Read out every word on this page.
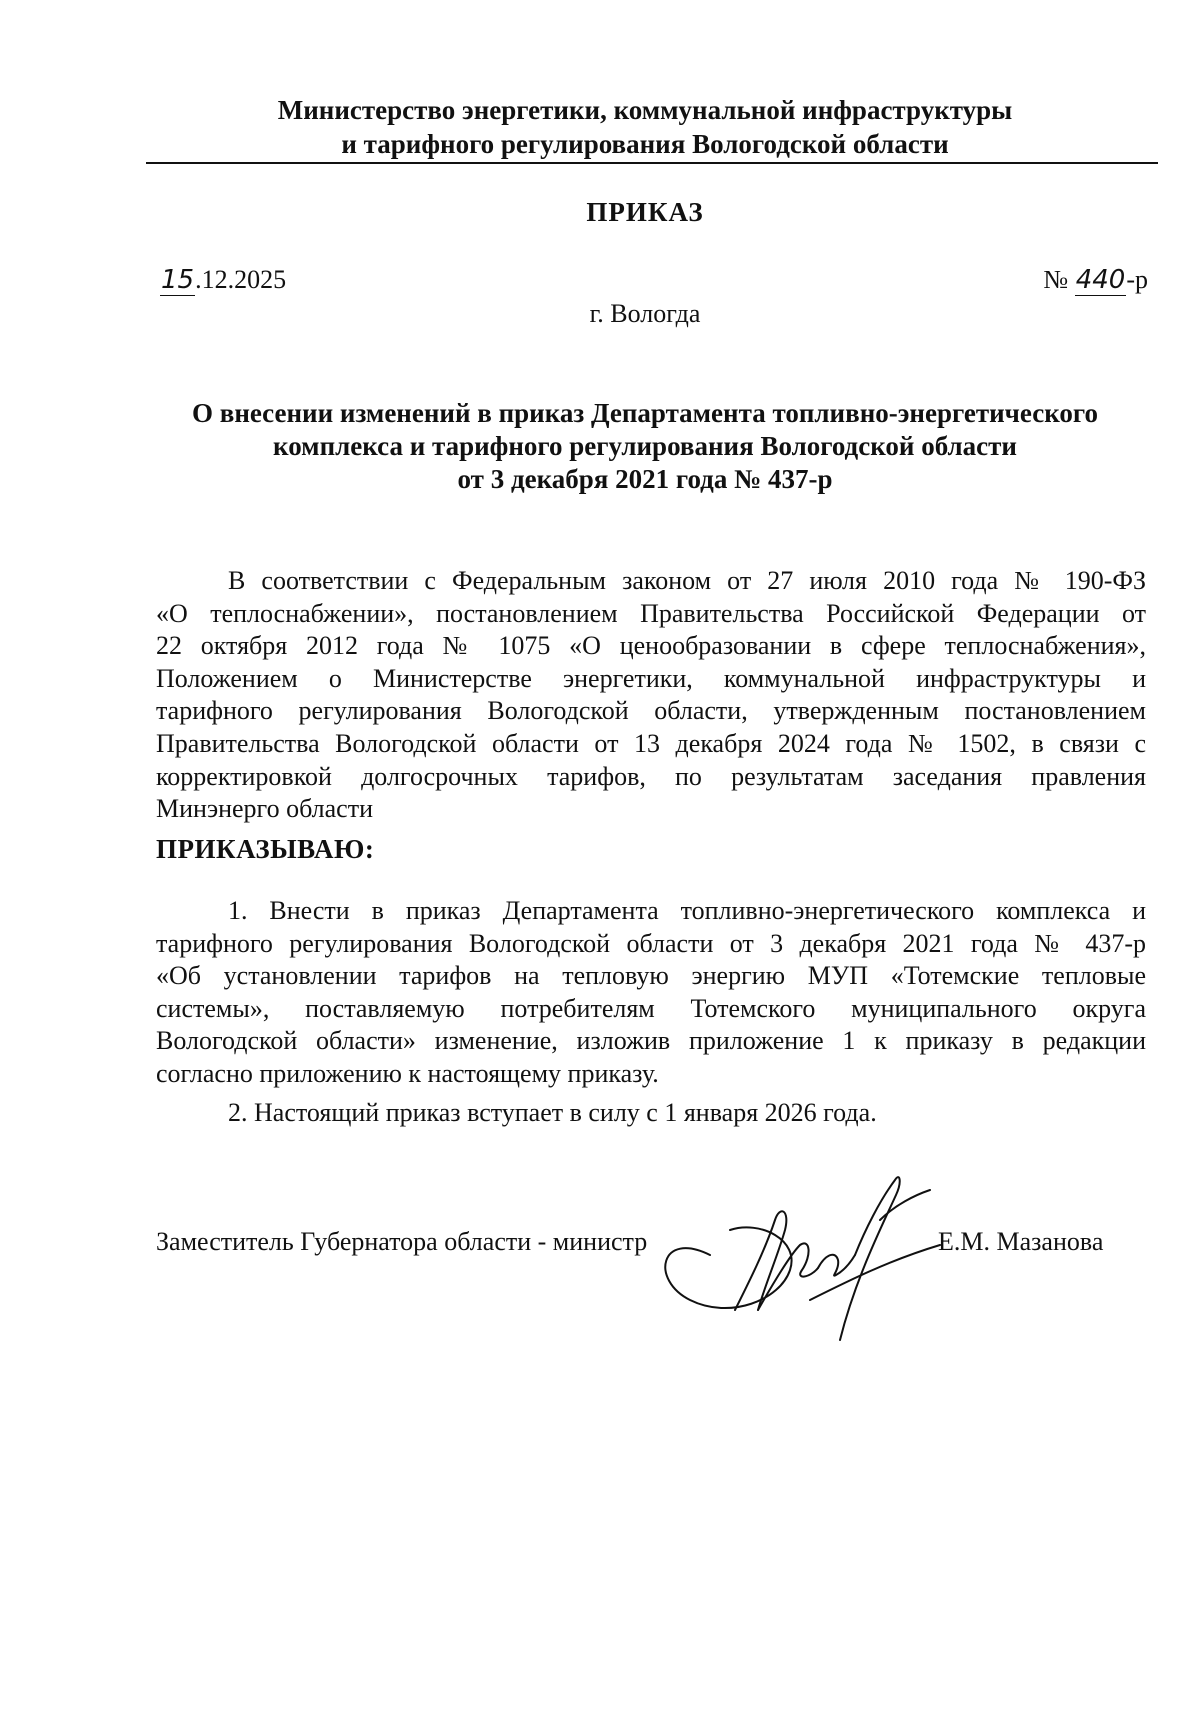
Министерство энергетики, коммунальной инфраструктуры
и тарифного регулирования Вологодской области
ПРИКАЗ
15.12.2025	№ 440-р
г. Вологда
О внесении изменений в приказ Департамента топливно-энергетического
комплекса и тарифного регулирования Вологодской области
от 3 декабря 2021 года № 437-р
В соответствии с Федеральным законом от 27 июля 2010 года № 190-ФЗ
«О теплоснабжении», постановлением Правительства Российской Федерации от
22 октября 2012 года № 1075 «О ценообразовании в сфере теплоснабжения»,
Положением о Министерстве энергетики, коммунальной инфраструктуры и
тарифного регулирования Вологодской области, утвержденным постановлением
Правительства Вологодской области от 13 декабря 2024 года № 1502, в связи с
корректировкой долгосрочных тарифов, по результатам заседания правления
Минэнерго области
ПРИКАЗЫВАЮ:
1. Внести в приказ Департамента топливно-энергетического комплекса и
тарифного регулирования Вологодской области от 3 декабря 2021 года № 437-р
«Об установлении тарифов на тепловую энергию МУП «Тотемские тепловые
системы», поставляемую потребителям Тотемского муниципального округа
Вологодской области» изменение, изложив приложение 1 к приказу в редакции
согласно приложению к настоящему приказу.
2. Настоящий приказ вступает в силу с 1 января 2026 года.
Заместитель Губернатора области - министр	Е.М. Мазанова
